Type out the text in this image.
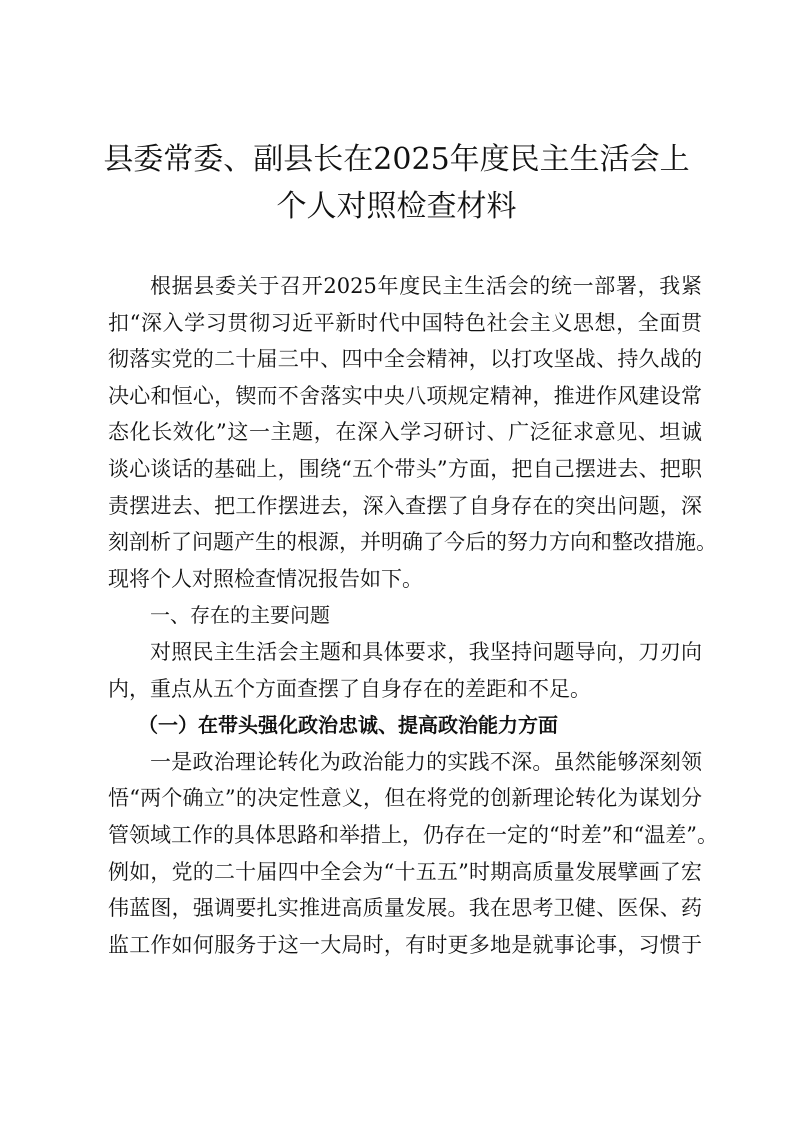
县委常委、副县长在2025年度民主生活会上
个人对照检查材料
根据县委关于召开2025年度民主生活会的统一部署，我紧
扣“深入学习贯彻习近平新时代中国特色社会主义思想，全面贯
彻落实党的二十届三中、四中全会精神，以打攻坚战、持久战的
决心和恒心，锲而不舍落实中央八项规定精神，推进作风建设常
态化长效化”这一主题，在深入学习研讨、广泛征求意见、坦诚
谈心谈话的基础上，围绕“五个带头”方面，把自己摆进去、把职
责摆进去、把工作摆进去，深入查摆了自身存在的突出问题，深
刻剖析了问题产生的根源，并明确了今后的努力方向和整改措施。
现将个人对照检查情况报告如下。
一、存在的主要问题
对照民主生活会主题和具体要求，我坚持问题导向，刀刃向
内，重点从五个方面查摆了自身存在的差距和不足。
（一）在带头强化政治忠诚、提高政治能力方面
一是政治理论转化为政治能力的实践不深。虽然能够深刻领
悟“两个确立”的决定性意义，但在将党的创新理论转化为谋划分
管领域工作的具体思路和举措上，仍存在一定的“时差”和“温差”。
例如，党的二十届四中全会为“十五五”时期高质量发展擘画了宏
伟蓝图，强调要扎实推进高质量发展。我在思考卫健、医保、药
监工作如何服务于这一大局时，有时更多地是就事论事，习惯于
